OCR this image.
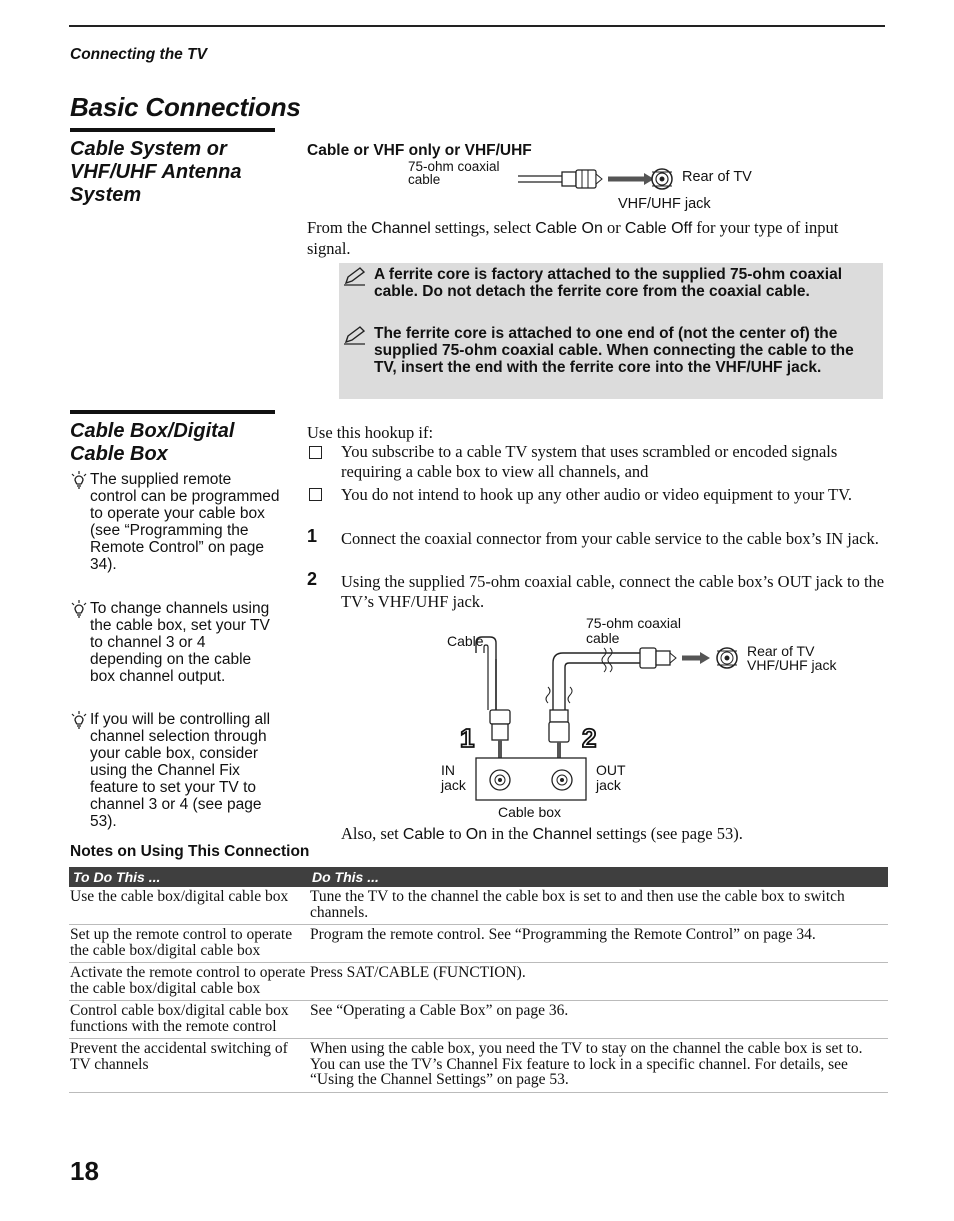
Connecting the TV
Basic Connections
Cable System or
VHF/UHF Antenna
System
Cable or VHF only or VHF/UHF
75-ohm coaxial
cable	Rear of TV
VHF/UHF jack
From the Channel settings, select Cable On or Cable Off for your type of input signal.
A ferrite core is factory attached to the supplied 75-ohm coaxial cable. Do not detach the ferrite core from the coaxial cable.
The ferrite core is attached to one end of (not the center of) the supplied 75-ohm coaxial cable. When connecting the cable to the TV, insert the end with the ferrite core into the VHF/UHF jack.
Cable Box/Digital
Cable Box
The supplied remote control can be programmed to operate your cable box (see “Programming the Remote Control” on page 34).
To change channels using the cable box, set your TV to channel 3 or 4 depending on the cable box channel output.
If you will be controlling all channel selection through your cable box, consider using the Channel Fix feature to set your TV to channel 3 or 4 (see page 53).
Use this hookup if:
You subscribe to a cable TV system that uses scrambled or encoded signals requiring a cable box to view all channels, and
You do not intend to hook up any other audio or video equipment to your TV.
1 Connect the coaxial connector from your cable service to the cable box’s IN jack.
2 Using the supplied 75-ohm coaxial cable, connect the cable box’s OUT jack to the TV’s VHF/UHF jack.
1	2
Cable
75-ohm coaxial
cable
Rear of TV
VHF/UHF jack
IN
jack
OUT
jack
Cable box
Also, set Cable to On in the Channel settings (see page 53).
Notes on Using This Connection
To Do This ...	Do This ...
Use the cable box/digital cable box	Tune the TV to the channel the cable box is set to and then use the cable box to switch channels.
Set up the remote control to operate the cable box/digital cable box	Program the remote control. See “Programming the Remote Control” on page 34.
Activate the remote control to operate the cable box/digital cable box	Press SAT/CABLE (FUNCTION).
Control cable box/digital cable box functions with the remote control	See “Operating a Cable Box” on page 36.
Prevent the accidental switching of TV channels	When using the cable box, you need the TV to stay on the channel the cable box is set to. You can use the TV’s Channel Fix feature to lock in a specific channel. For details, see “Using the Channel Settings” on page 53.
18
